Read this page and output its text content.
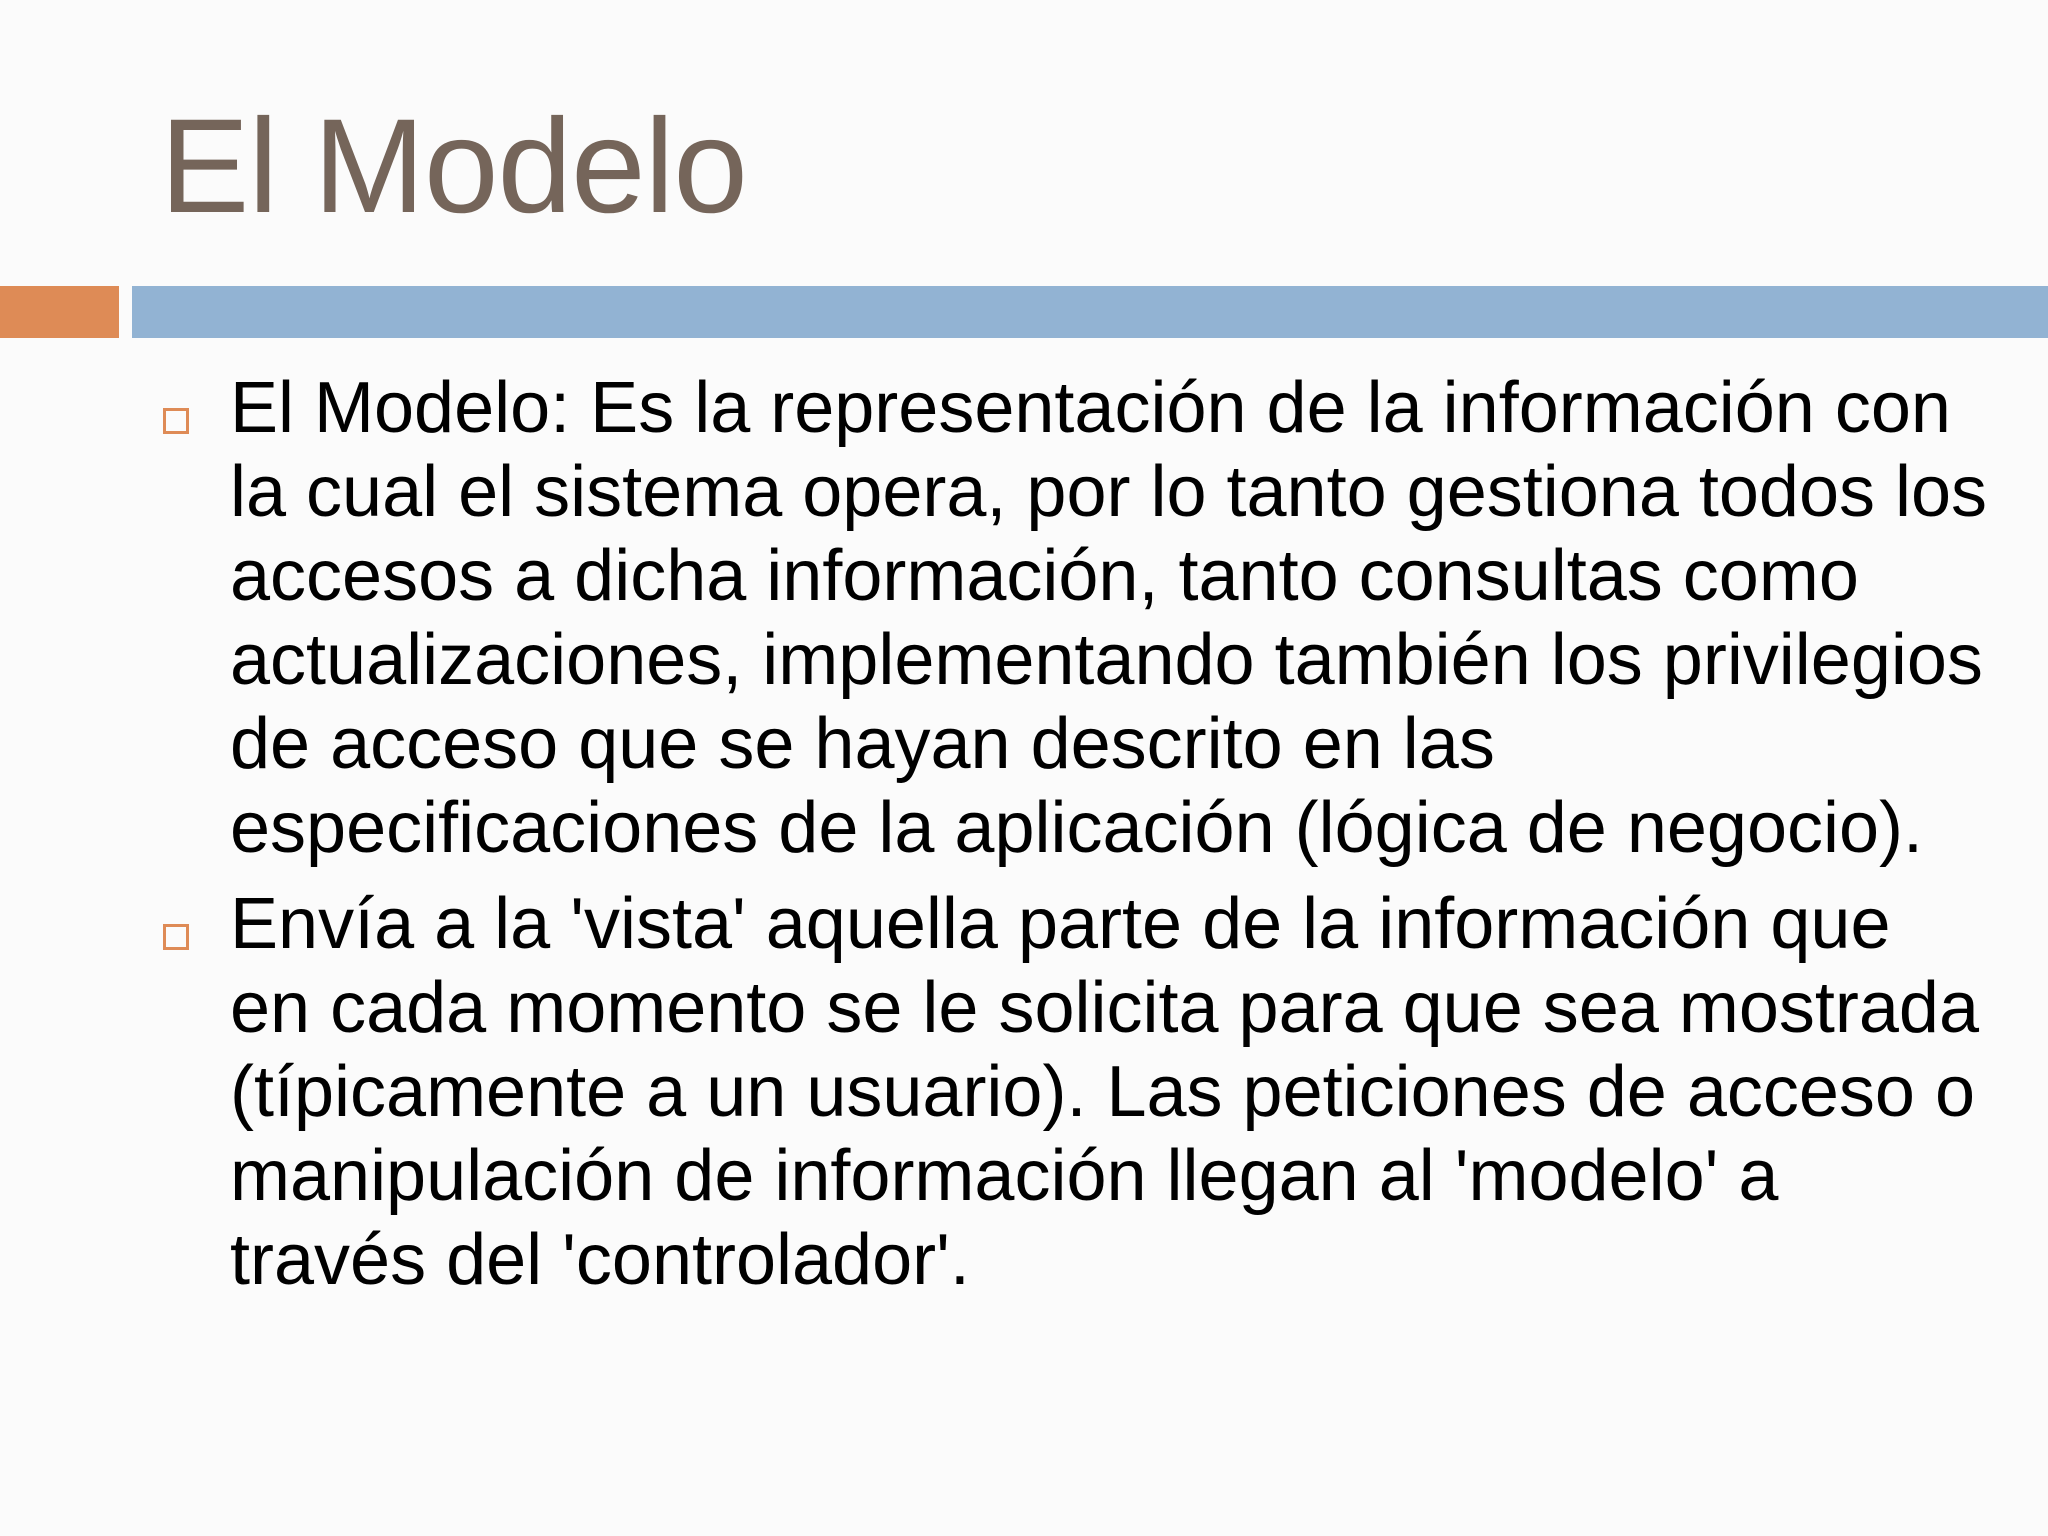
El Modelo
El Modelo: Es la representación de la información con la cual el sistema opera, por lo tanto gestiona todos los accesos a dicha información, tanto consultas como actualizaciones, implementando también los privilegios de acceso que se hayan descrito en las especificaciones de la aplicación (lógica de negocio).
Envía a la 'vista' aquella parte de la información que en cada momento se le solicita para que sea mostrada (típicamente a un usuario). Las peticiones de acceso o manipulación de información llegan al 'modelo' a través del 'controlador'.
